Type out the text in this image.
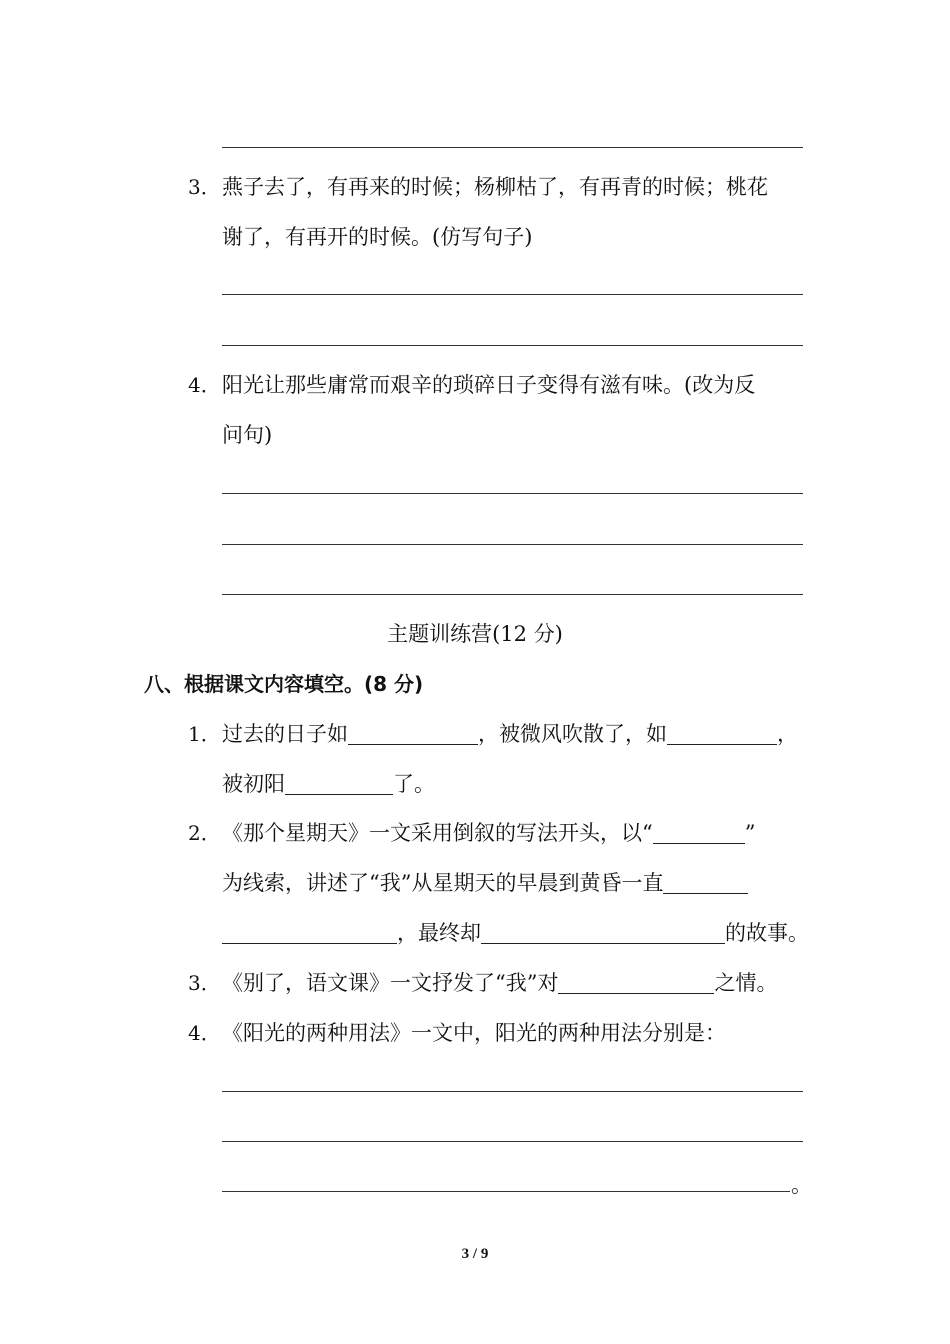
3． 燕子去了，有再来的时候；杨柳枯了，有再青的时候；桃花
谢了，有再开的时候。(仿写句子)
4． 阳光让那些庸常而艰辛的琐碎日子变得有滋有味。(改为反
问句)
主题训练营(12 分)
八、根据课文内容填空。(8 分)
1． 过去的日子如	，被微风吹散了，如	，
被初阳	了。
2． 《那个星期天》一文采用倒叙的写法开头，以“	”
为线索，讲述了“我”从星期天的早晨到黄昏一直
，最终却	的故事。
3． 《别了，语文课》一文抒发了“我”对	之情。
4． 《阳光的两种用法》一文中，阳光的两种用法分别是：
。
3 / 9
